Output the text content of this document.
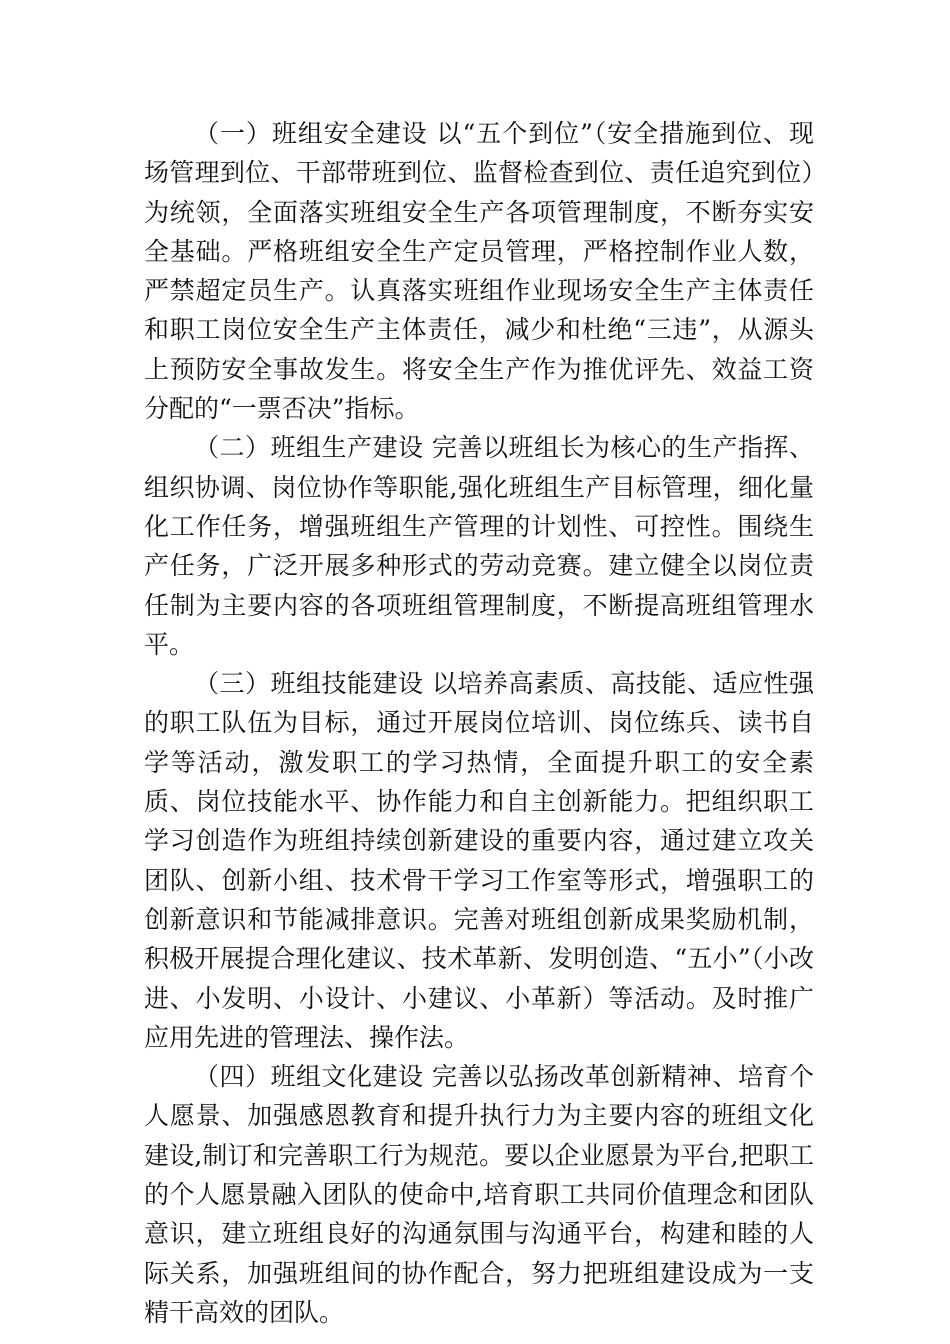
（一）班组安全建设 以“五个到位”（安全措施到位、现场管理到位、干部带班到位、监督检查到位、责任追究到位）为统领，全面落实班组安全生产各项管理制度，不断夯实安全基础。严格班组安全生产定员管理，严格控制作业人数，严禁超定员生产。认真落实班组作业现场安全生产主体责任和职工岗位安全生产主体责任，减少和杜绝“三违”，从源头上预防安全事故发生。将安全生产作为推优评先、效益工资分配的“一票否决”指标。

（二）班组生产建设 完善以班组长为核心的生产指挥、组织协调、岗位协作等职能,强化班组生产目标管理，细化量化工作任务，增强班组生产管理的计划性、可控性。围绕生产任务，广泛开展多种形式的劳动竞赛。建立健全以岗位责任制为主要内容的各项班组管理制度，不断提高班组管理水平。

（三）班组技能建设 以培养高素质、高技能、适应性强的职工队伍为目标，通过开展岗位培训、岗位练兵、读书自学等活动，激发职工的学习热情，全面提升职工的安全素质、岗位技能水平、协作能力和自主创新能力。把组织职工学习创造作为班组持续创新建设的重要内容，通过建立攻关团队、创新小组、技术骨干学习工作室等形式，增强职工的创新意识和节能减排意识。完善对班组创新成果奖励机制，积极开展提合理化建议、技术革新、发明创造、“五小”（小改进、小发明、小设计、小建议、小革新）等活动。及时推广应用先进的管理法、操作法。

（四）班组文化建设 完善以弘扬改革创新精神、培育个人愿景、加强感恩教育和提升执行力为主要内容的班组文化建设,制订和完善职工行为规范。要以企业愿景为平台,把职工的个人愿景融入团队的使命中,培育职工共同价值理念和团队意识，建立班组良好的沟通氛围与沟通平台，构建和睦的人际关系，加强班组间的协作配合，努力把班组建设成为一支精干高效的团队。
